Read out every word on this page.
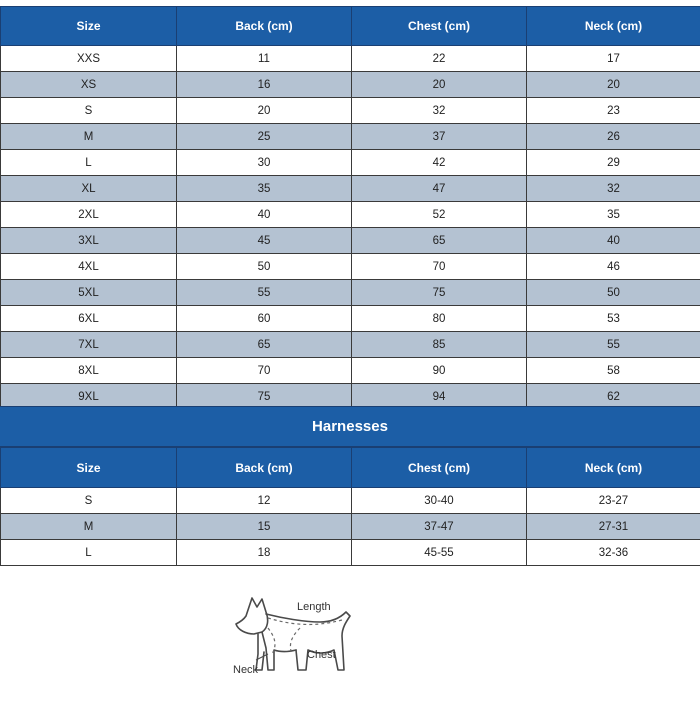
Size	Back (cm)	Chest (cm)	Neck (cm)
XXS	11	22	17
XS	16	20	20
S	20	32	23
M	25	37	26
L	30	42	29
XL	35	47	32
2XL	40	52	35
3XL	45	65	40
4XL	50	70	46
5XL	55	75	50
6XL	60	80	53
7XL	65	85	55
8XL	70	90	58
9XL	75	94	62
Harnesses
Size	Back (cm)	Chest (cm)	Neck (cm)
S	12	30-40	23-27
M	15	37-47	27-31
L	18	45-55	32-36
Length
Chest
Neck
